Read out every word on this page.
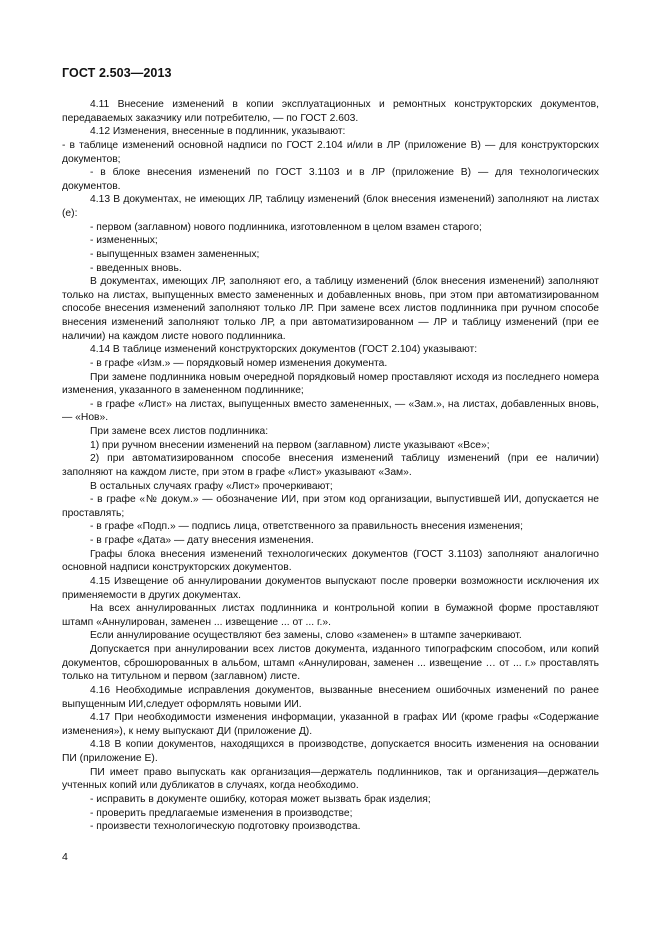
ГОСТ 2.503—2013

4.11 Внесение изменений в копии эксплуатационных и ремонтных конструкторских документов, передаваемых заказчику или потребителю, — по ГОСТ 2.603.

4.12 Изменения, внесенные в подлинник, указывают:

- в таблице изменений основной надписи по ГОСТ 2.104 и/или в ЛР (приложение В) — для конструкторских документов;

- в блоке внесения изменений по ГОСТ 3.1103 и в ЛР (приложение В) — для технологических документов.

4.13 В документах, не имеющих ЛР, таблицу изменений (блок внесения изменений) заполняют на листах (е):

- первом (заглавном) нового подлинника, изготовленном в целом взамен старого;

- измененных;

- выпущенных взамен замененных;

- введенных вновь.

В документах, имеющих ЛР, заполняют его, а таблицу изменений (блок внесения изменений) заполняют только на листах, выпущенных вместо замененных и добавленных вновь, при этом при автоматизированном способе внесения изменений заполняют только ЛР. При замене всех листов подлинника при ручном способе внесения изменений заполняют только ЛР, а при автоматизированном — ЛР и таблицу изменений (при ее наличии) на каждом листе нового подлинника.

4.14 В таблице изменений конструкторских документов (ГОСТ 2.104) указывают:

- в графе «Изм.» — порядковый номер изменения документа.

При замене подлинника новым очередной порядковый номер проставляют исходя из последнего номера изменения, указанного в замененном подлиннике;

- в графе «Лист» на листах, выпущенных вместо замененных, — «Зам.», на листах, добавленных вновь, — «Нов».

При замене всех листов подлинника:

1) при ручном внесении изменений на первом (заглавном) листе указывают «Все»;

2) при автоматизированном способе внесения изменений таблицу изменений (при ее наличии) заполняют на каждом листе, при этом в графе «Лист» указывают «Зам».

В остальных случаях графу «Лист» прочеркивают;

- в графе «№ докум.» — обозначение ИИ, при этом код организации, выпустившей ИИ, допускается не проставлять;

- в графе «Подп.» — подпись лица, ответственного за правильность внесения изменения;

- в графе «Дата» — дату внесения изменения.

Графы блока внесения изменений технологических документов (ГОСТ 3.1103) заполняют аналогично основной надписи конструкторских документов.

4.15 Извещение об аннулировании документов выпускают после проверки возможности исключения их применяемости в других документах.

На всех аннулированных листах подлинника и контрольной копии в бумажной форме проставляют штамп «Аннулирован, заменен ... извещение ... от ... г.».

Если аннулирование осуществляют без замены, слово «заменен» в штампе зачеркивают.

Допускается при аннулировании всех листов документа, изданного типографским способом, или копий документов, сброшюрованных в альбом, штамп «Аннулирован, заменен ... извещение … от ... г.» проставлять только на титульном и первом (заглавном) листе.

4.16 Необходимые исправления документов, вызванные внесением ошибочных изменений по ранее выпущенным ИИ,следует оформлять новыми ИИ.

4.17 При необходимости изменения информации, указанной в графах ИИ (кроме графы «Содержание изменения»), к нему выпускают ДИ (приложение Д).

4.18 В копии документов, находящихся в производстве, допускается вносить изменения на основании ПИ (приложение Е).

ПИ имеет право выпускать как организация—держатель подлинников, так и организация—держатель учтенных копий или дубликатов в случаях, когда необходимо.

- исправить в документе ошибку, которая может вызвать брак изделия;

- проверить предлагаемые изменения в производстве;

- произвести технологическую подготовку производства.

4
